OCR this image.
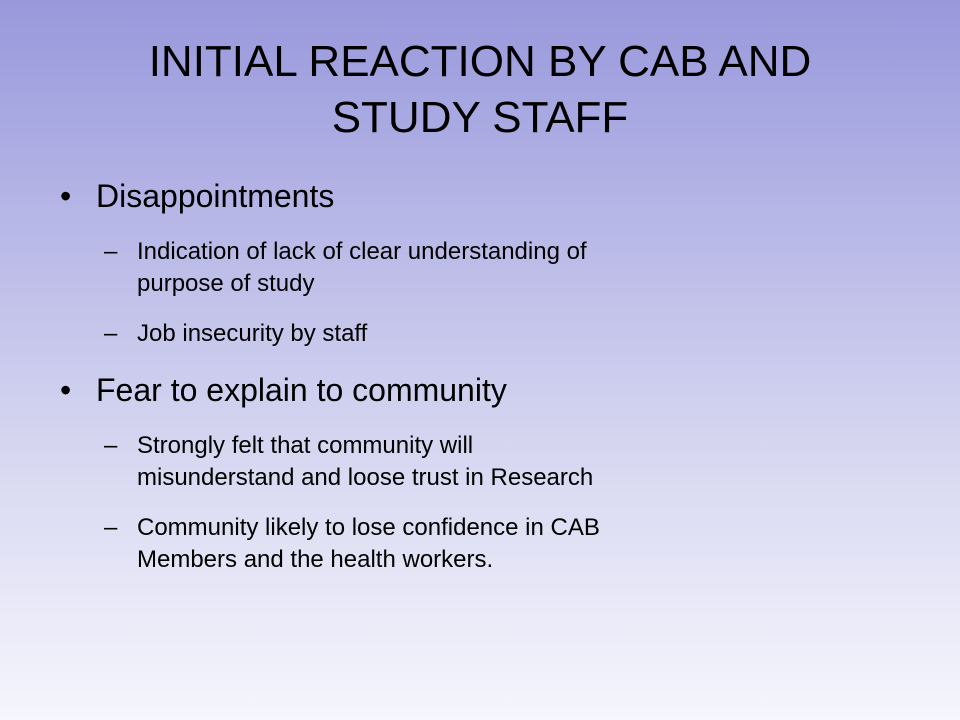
INITIAL REACTION BY CAB AND
STUDY STAFF
• Disappointments
– Indication of lack of clear understanding of
purpose of study
– Job insecurity by staff
• Fear to explain to community
– Strongly felt that community will
misunderstand and loose trust in Research
– Community likely to lose confidence in CAB
Members and the health workers.
